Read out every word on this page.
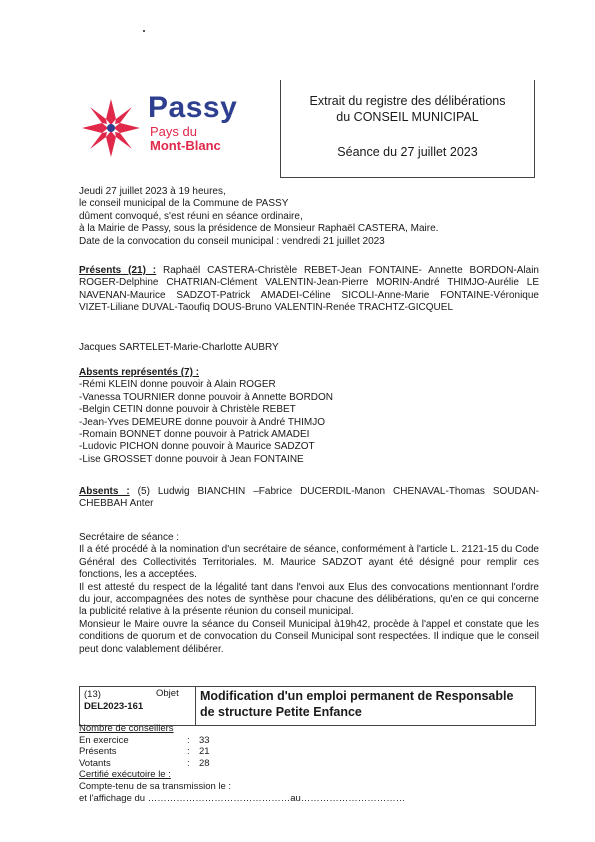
Passy
Pays du
Mont-Blanc
Extrait du registre des délibérations
du CONSEIL MUNICIPAL
Séance du 27 juillet 2023
Jeudi 27 juillet 2023 à 19 heures,
le conseil municipal de la Commune de PASSY
dûment convoqué, s'est réuni en séance ordinaire,
à la Mairie de Passy, sous la présidence de Monsieur Raphaël CASTERA, Maire.
Date de la convocation du conseil municipal : vendredi 21 juillet 2023
Présents (21) : Raphaël CASTERA-Christèle REBET-Jean FONTAINE- Annette BORDON-Alain ROGER-Delphine CHATRIAN-Clément VALENTIN-Jean-Pierre MORIN-André THIMJO-Aurélie LE NAVENAN-Maurice SADZOT-Patrick AMADEI-Céline SICOLI-Anne-Marie FONTAINE-Véronique VIZET-Liliane DUVAL-Taoufiq DOUS-Bruno VALENTIN-Renée TRACHTZ-GICQUEL
Jacques SARTELET-Marie-Charlotte AUBRY
Absents représentés (7) :
-Rémi KLEIN donne pouvoir à Alain ROGER
-Vanessa TOURNIER donne pouvoir à Annette BORDON
-Belgin CETIN donne pouvoir à Christèle REBET
-Jean-Yves DEMEURE donne pouvoir à André THIMJO
-Romain BONNET donne pouvoir à Patrick AMADEI
-Ludovic PICHON donne pouvoir à Maurice SADZOT
-Lise GROSSET donne pouvoir à Jean FONTAINE
Absents : (5) Ludwig BIANCHIN –Fabrice DUCERDIL-Manon CHENAVAL-Thomas SOUDAN-CHEBBAH Anter
Secrétaire de séance :
Il a été procédé à la nomination d'un secrétaire de séance, conformément à l'article L. 2121-15 du Code Général des Collectivités Territoriales. M. Maurice SADZOT ayant été désigné pour remplir ces fonctions, les a acceptées.
Il est attesté du respect de la légalité tant dans l'envoi aux Elus des convocations mentionnant l'ordre du jour, accompagnées des notes de synthèse pour chacune des délibérations, qu'en ce qui concerne la publicité relative à la présente réunion du conseil municipal.
Monsieur le Maire ouvre la séance du Conseil Municipal à19h42, procède à l'appel et constate que les conditions de quorum et de convocation du Conseil Municipal sont respectées. Il indique que le conseil peut donc valablement délibérer.
(13)	Objet
DEL2023-161
Modification d'un emploi permanent de Responsable de structure Petite Enfance
Nombre de conseillers
En exercice	: 33
Présents	: 21
Votants	: 28
Certifié exécutoire le :
Compte-tenu de sa transmission le :
et l'affichage du ………………………………………au……………………………
